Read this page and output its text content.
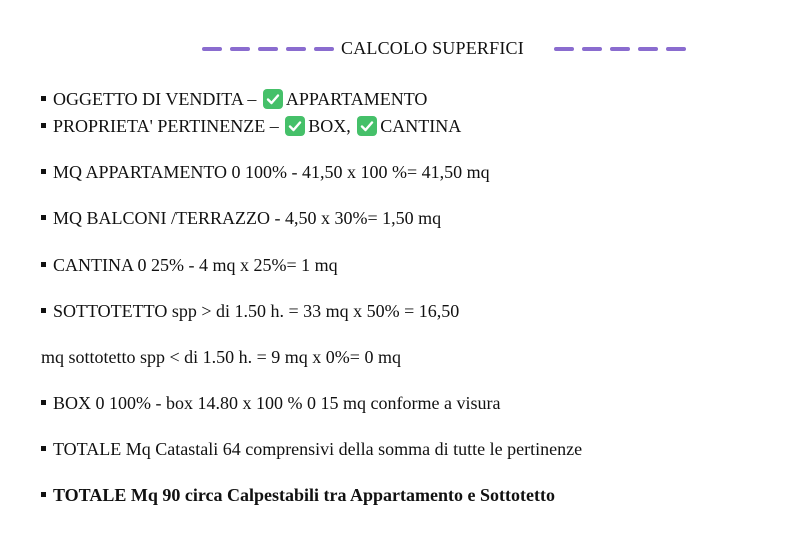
CALCOLO SUPERFICI
OGGETTO DI VENDITA –
APPARTAMENTO
PROPRIETA' PERTINENZE –
BOX,
CANTINA
MQ APPARTAMENTO 0 100% - 41,50 x 100 %= 41,50 mq
MQ BALCONI /TERRAZZO - 4,50 x 30%= 1,50 mq
CANTINA 0 25% - 4 mq x 25%= 1 mq
SOTTOTETTO spp > di 1.50 h. = 33 mq x 50% = 16,50
mq sottotetto spp < di 1.50 h. = 9 mq x 0%= 0 mq
BOX 0 100% - box 14.80 x 100 % 0 15 mq conforme a visura
TOTALE Mq Catastali 64 comprensivi della somma di tutte le pertinenze
TOTALE Mq 90 circa Calpestabili tra Appartamento e Sottotetto
